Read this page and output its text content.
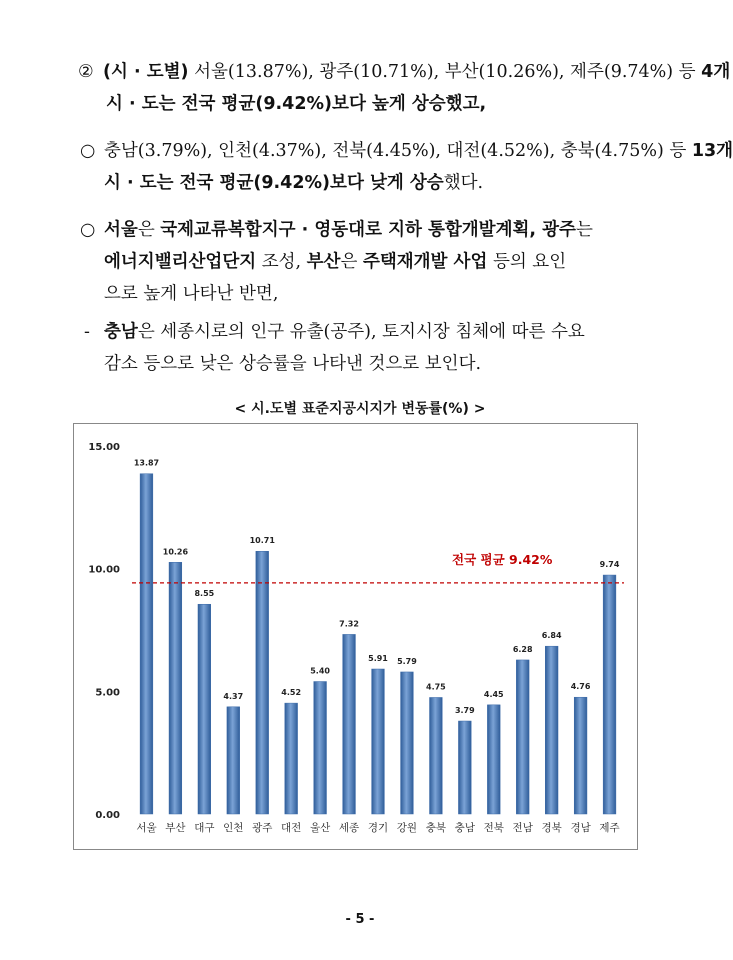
② (시 · 도별) 서울(13.87%), 광주(10.71%), 부산(10.26%), 제주(9.74%) 등 4개
시 · 도는 전국 평균(9.42%)보다 높게 상승했고,
○ 충남(3.79%), 인천(4.37%), 전북(4.45%), 대전(4.52%), 충북(4.75%) 등 13개
시 · 도는 전국 평균(9.42%)보다 낮게 상승했다.
○ 서울은 국제교류복합지구 · 영동대로 지하 통합개발계획, 광주는
에너지밸리산업단지 조성, 부산은 주택재개발 사업 등의 요인
으로 높게 나타난 반면,
- 충남은 세종시로의 인구 유출(공주), 토지시장 침체에 따른 수요
감소 등으로 낮은 상승률을 나타낸 것으로 보인다.
< 시.도별 표준지공시지가 변동률(%) >
0.00
5.00
10.00
15.00
13.87
서울
10.26
부산
8.55
대구
4.37
인천
10.71
광주
4.52
대전
5.40
울산
7.32
세종
5.91
경기
5.79
강원
4.75
충북
3.79
충남
4.45
전북
6.28
전남
6.84
경북
4.76
경남
9.74
제주
전국 평균 9.42%
- 5 -
